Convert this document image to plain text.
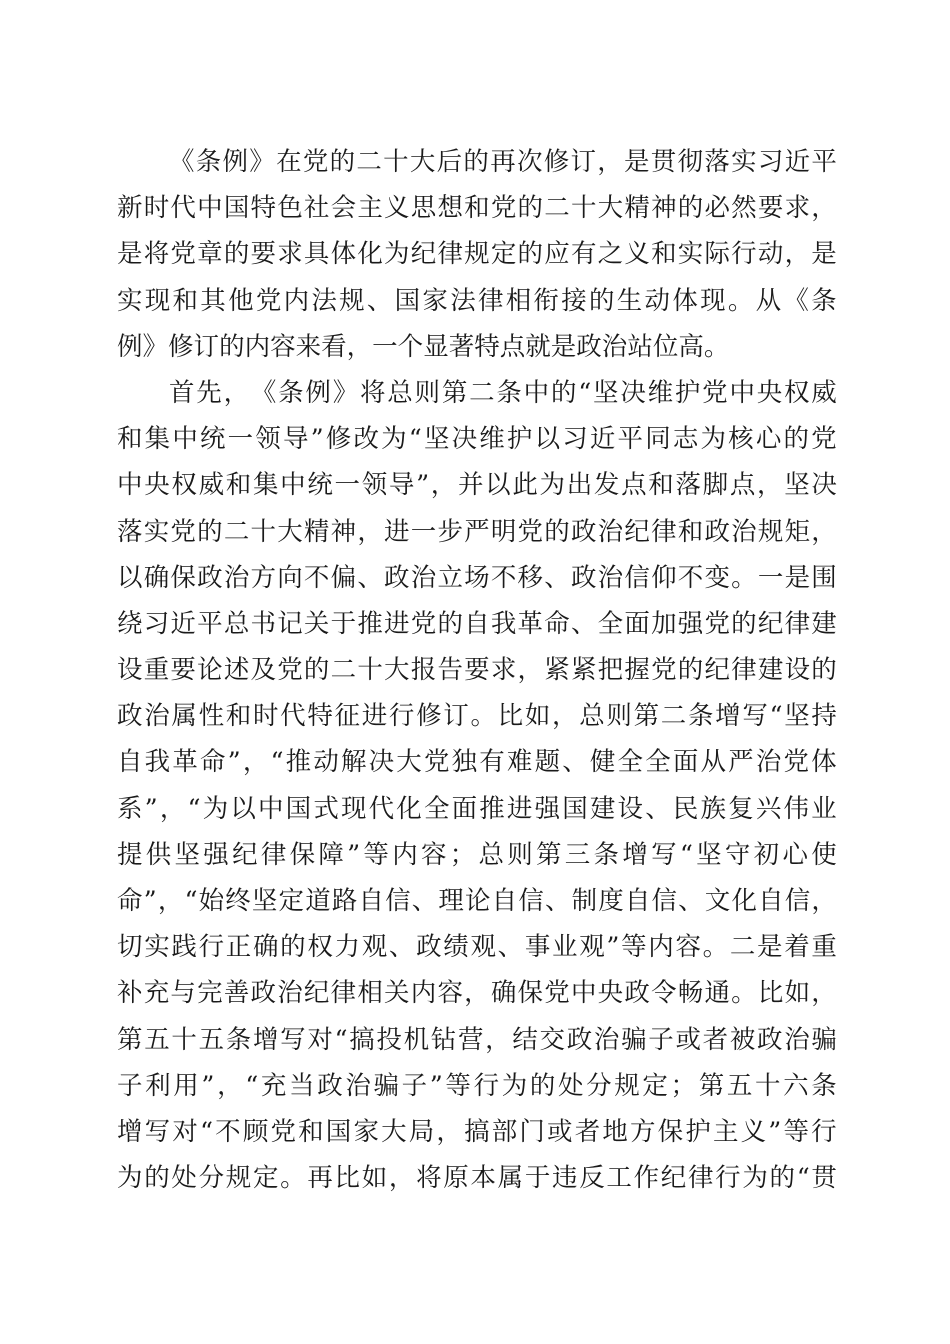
《 条 例 》 在 党 的 二 十 大 后 的 再 次 修 订 ， 是 贯 彻 落 实 习 近 平
新 时 代 中 国 特 色 社 会 主 义 思 想 和 党 的 二 十 大 精 神 的 必 然 要 求 ，
是 将 党 章 的 要 求 具 体 化 为 纪 律 规 定 的 应 有 之 义 和 实 际 行 动 ， 是
实 现 和 其 他 党 内 法 规 、 国 家 法 律 相 衔 接 的 生 动 体 现 。 从 《 条
例 》 修 订 的 内 容 来 看 ， 一 个 显 著 特 点 就 是 政 治 站 位 高 。
首 先 ， 《 条 例 》 将 总 则 第 二 条 中 的 “ 坚 决 维 护 党 中 央 权 威
和 集 中 统 一 领 导 ” 修 改 为 “ 坚 决 维 护 以 习 近 平 同 志 为 核 心 的 党
中 央 权 威 和 集 中 统 一 领 导 ” ， 并 以 此 为 出 发 点 和 落 脚 点 ， 坚 决
落 实 党 的 二 十 大 精 神 ， 进 一 步 严 明 党 的 政 治 纪 律 和 政 治 规 矩 ，
以 确 保 政 治 方 向 不 偏 、 政 治 立 场 不 移 、 政 治 信 仰 不 变 。 一 是 围
绕 习 近 平 总 书 记 关 于 推 进 党 的 自 我 革 命 、 全 面 加 强 党 的 纪 律 建
设 重 要 论 述 及 党 的 二 十 大 报 告 要 求 ， 紧 紧 把 握 党 的 纪 律 建 设 的
政 治 属 性 和 时 代 特 征 进 行 修 订 。 比 如 ， 总 则 第 二 条 增 写 “ 坚 持
自 我 革 命 ” ， “ 推 动 解 决 大 党 独 有 难 题 、 健 全 全 面 从 严 治 党 体
系 ” ， “ 为 以 中 国 式 现 代 化 全 面 推 进 强 国 建 设 、 民 族 复 兴 伟 业
提 供 坚 强 纪 律 保 障 ” 等 内 容 ； 总 则 第 三 条 增 写 “ 坚 守 初 心 使
命 ” ， “ 始 终 坚 定 道 路 自 信 、 理 论 自 信 、 制 度 自 信 、 文 化 自 信 ，
切 实 践 行 正 确 的 权 力 观 、 政 绩 观 、 事 业 观 ” 等 内 容 。 二 是 着 重
补 充 与 完 善 政 治 纪 律 相 关 内 容 ， 确 保 党 中 央 政 令 畅 通 。 比 如 ，
第 五 十 五 条 增 写 对 “ 搞 投 机 钻 营 ， 结 交 政 治 骗 子 或 者 被 政 治 骗
子 利 用 ” ， “ 充 当 政 治 骗 子 ” 等 行 为 的 处 分 规 定 ； 第 五 十 六 条
增 写 对 “ 不 顾 党 和 国 家 大 局 ， 搞 部 门 或 者 地 方 保 护 主 义 ” 等 行
为 的 处 分 规 定 。 再 比 如 ， 将 原 本 属 于 违 反 工 作 纪 律 行 为 的 “ 贯
